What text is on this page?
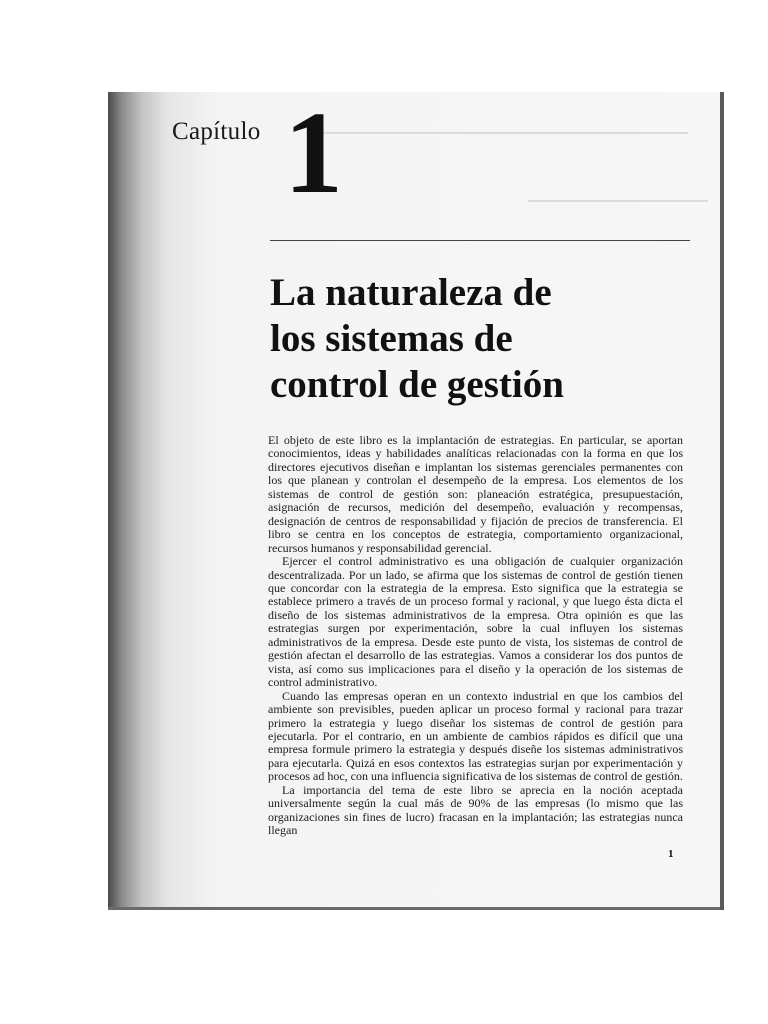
Capítulo 1
La naturaleza de
los sistemas de
control de gestión

El objeto de este libro es la implantación de estrategias. En particular, se aportan conocimientos, ideas y habilidades analíticas relacionadas con la forma en que los directores ejecutivos diseñan e implantan los sistemas gerenciales permanentes con los que planean y controlan el desempeño de la empresa. Los elementos de los sistemas de control de gestión son: planeación estratégica, presupuestación, asignación de recursos, medición del desempeño, evaluación y recompensas, designación de centros de responsabilidad y fijación de precios de transferencia. El libro se centra en los conceptos de estrategia, comportamiento organizacional, recursos humanos y responsabilidad gerencial.

Ejercer el control administrativo es una obligación de cualquier organización descentralizada. Por un lado, se afirma que los sistemas de control de gestión tienen que concordar con la estrategia de la empresa. Esto significa que la estrategia se establece primero a través de un proceso formal y racional, y que luego ésta dicta el diseño de los sistemas administrativos de la empresa. Otra opinión es que las estrategias surgen por experimentación, sobre la cual influyen los sistemas administrativos de la empresa. Desde este punto de vista, los sistemas de control de gestión afectan el desarrollo de las estrategias. Vamos a considerar los dos puntos de vista, así como sus implicaciones para el diseño y la operación de los sistemas de control administrativo.

Cuando las empresas operan en un contexto industrial en que los cambios del ambiente son previsibles, pueden aplicar un proceso formal y racional para trazar primero la estrategia y luego diseñar los sistemas de control de gestión para ejecutarla. Por el contrario, en un ambiente de cambios rápidos es difícil que una empresa formule primero la estrategia y después diseñe los sistemas administrativos para ejecutarla. Quizá en esos contextos las estrategias surjan por experimentación y procesos ad hoc, con una influencia significativa de los sistemas de control de gestión.

La importancia del tema de este libro se aprecia en la noción aceptada universalmente según la cual más de 90% de las empresas (lo mismo que las organizaciones sin fines de lucro) fracasan en la implantación; las estrategias nunca llegan

1
